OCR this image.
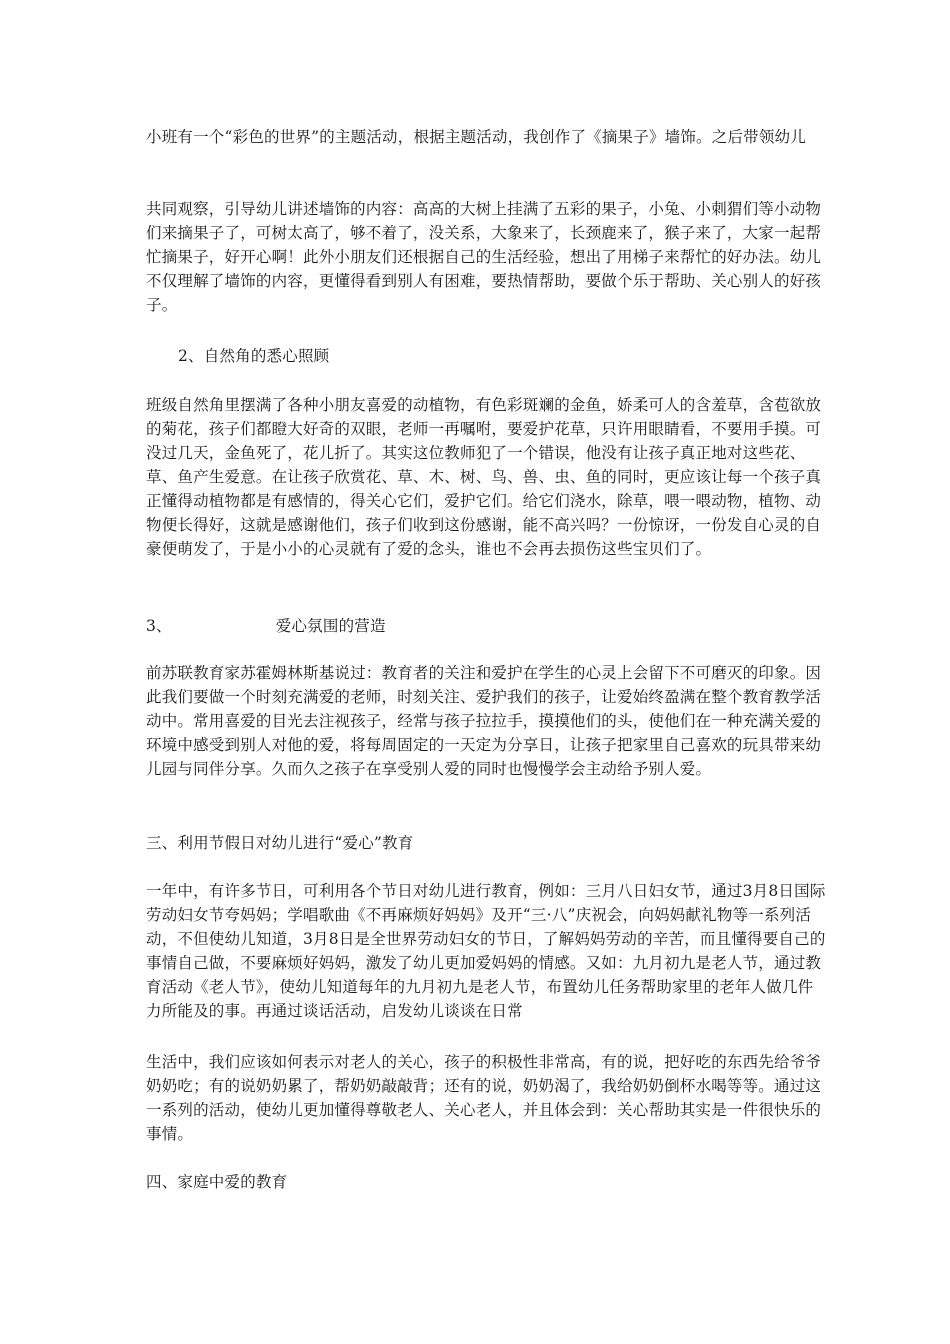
小班有一个“彩色的世界”的主题活动，根据主题活动，我创作了《摘果子》墙饰。之后带领幼儿

共同观察，引导幼儿讲述墙饰的内容：高高的大树上挂满了五彩的果子，小兔、小刺猬们等小动物们来摘果子了，可树太高了，够不着了，没关系，大象来了，长颈鹿来了，猴子来了，大家一起帮忙摘果子，好开心啊！此外小朋友们还根据自己的生活经验，想出了用梯子来帮忙的好办法。幼儿不仅理解了墙饰的内容，更懂得看到别人有困难，要热情帮助，要做个乐于帮助、关心别人的好孩子。

2、自然角的悉心照顾

班级自然角里摆满了各种小朋友喜爱的动植物，有色彩斑斓的金鱼，娇柔可人的含羞草，含苞欲放的菊花，孩子们都瞪大好奇的双眼，老师一再嘱咐，要爱护花草，只许用眼睛看，不要用手摸。可没过几天，金鱼死了，花儿折了。其实这位教师犯了一个错误，他没有让孩子真正地对这些花、草、鱼产生爱意。在让孩子欣赏花、草、木、树、鸟、兽、虫、鱼的同时，更应该让每一个孩子真正懂得动植物都是有感情的，得关心它们，爱护它们。给它们浇水，除草，喂一喂动物，植物、动物便长得好，这就是感谢他们，孩子们收到这份感谢，能不高兴吗？一份惊讶，一份发自心灵的自豪便萌发了，于是小小的心灵就有了爱的念头，谁也不会再去损伤这些宝贝们了。

3、	爱心氛围的营造

前苏联教育家苏霍姆林斯基说过：教育者的关注和爱护在学生的心灵上会留下不可磨灭的印象。因此我们要做一个时刻充满爱的老师，时刻关注、爱护我们的孩子，让爱始终盈满在整个教育教学活动中。常用喜爱的目光去注视孩子，经常与孩子拉拉手，摸摸他们的头，使他们在一种充满关爱的环境中感受到别人对他的爱，将每周固定的一天定为分享日，让孩子把家里自己喜欢的玩具带来幼儿园与同伴分享。久而久之孩子在享受别人爱的同时也慢慢学会主动给予别人爱。

三、利用节假日对幼儿进行“爱心”教育

一年中，有许多节日，可利用各个节日对幼儿进行教育，例如：三月八日妇女节，通过3月8日国际劳动妇女节夸妈妈；学唱歌曲《不再麻烦好妈妈》及开“三·八”庆祝会，向妈妈献礼物等一系列活动，不但使幼儿知道，3月8日是全世界劳动妇女的节日，了解妈妈劳动的辛苦，而且懂得要自己的事情自己做，不要麻烦好妈妈，激发了幼儿更加爱妈妈的情感。又如：九月初九是老人节，通过教育活动《老人节》，使幼儿知道每年的九月初九是老人节，布置幼儿任务帮助家里的老年人做几件力所能及的事。再通过谈话活动，启发幼儿谈谈在日常

生活中，我们应该如何表示对老人的关心，孩子的积极性非常高，有的说，把好吃的东西先给爷爷奶奶吃；有的说奶奶累了，帮奶奶敲敲背；还有的说，奶奶渴了，我给奶奶倒杯水喝等等。通过这一系列的活动，使幼儿更加懂得尊敬老人、关心老人，并且体会到：关心帮助其实是一件很快乐的事情。

四、家庭中爱的教育
